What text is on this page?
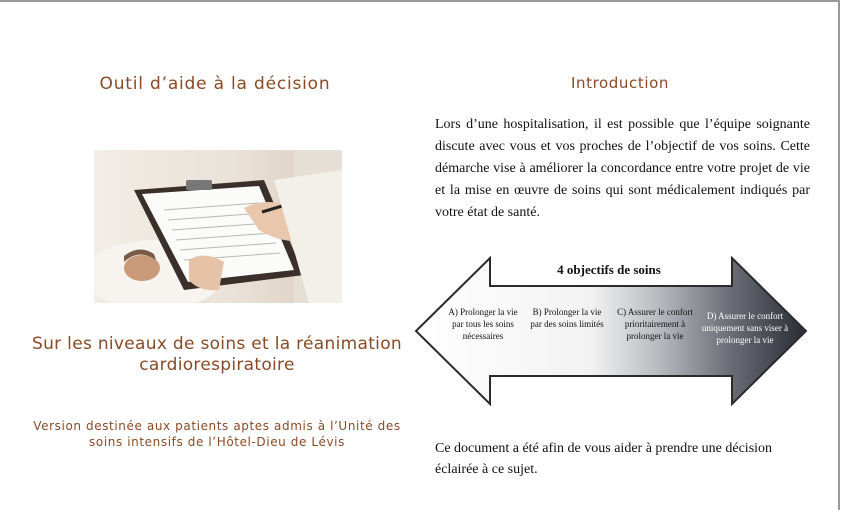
Outil d’aide à la décision
Sur les niveaux de soins et la réanimation cardiorespiratoire
Version destinée aux patients aptes admis à l’Unité des soins intensifs de l’Hôtel-Dieu de Lévis
Introduction
Lors d’une hospitalisation, il est possible que l’équipe soignante discute avec vous et vos proches de l’objectif de vos soins. Cette démarche vise à améliorer la concordance entre votre projet de vie et la mise en œuvre de soins qui sont médicalement indiqués par votre état de santé.
4 objectifs de soins
A) Prolonger la vie par tous les soins nécessaires
B) Prolonger la vie par des soins limités
C) Assurer le confort prioritairement à prolonger la vie
D) Assurer le confort uniquement sans viser à prolonger la vie
Ce document a été afin de vous aider à prendre une décision éclairée à ce sujet.
